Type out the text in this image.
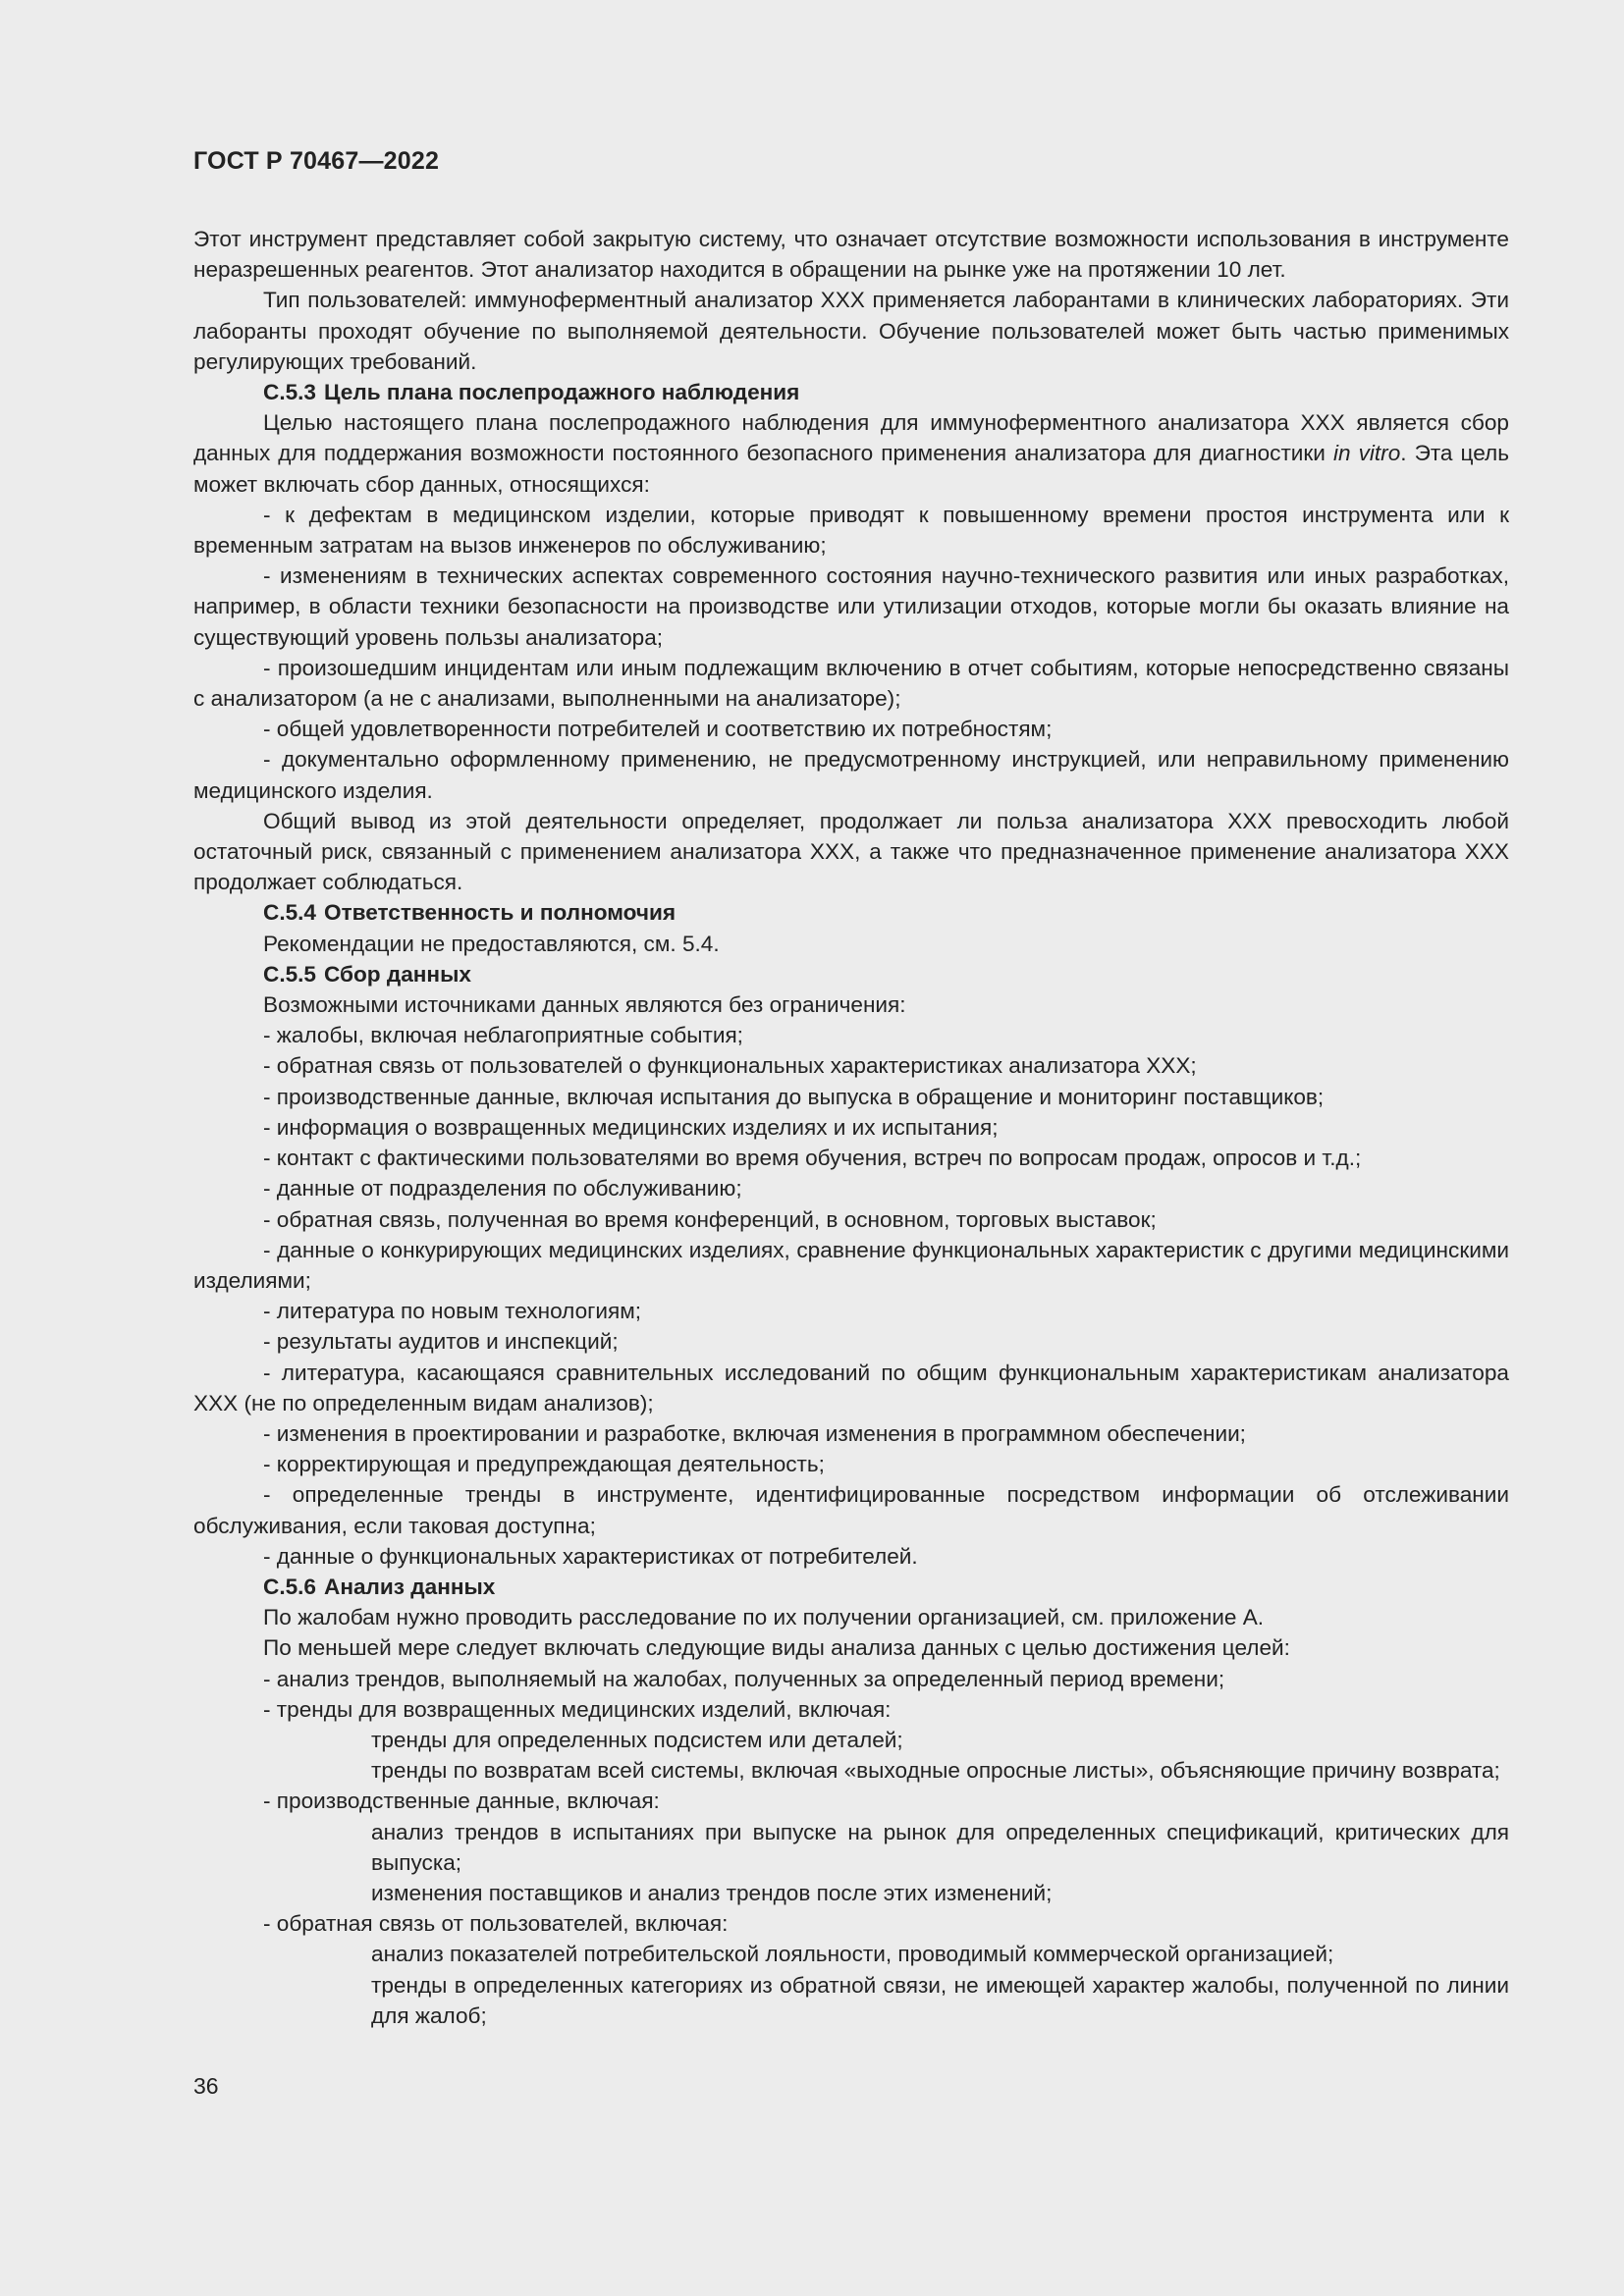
ГОСТ Р 70467—2022

Этот инструмент представляет собой закрытую систему, что означает отсутствие возможности использования в инструменте неразрешенных реагентов. Этот анализатор находится в обращении на рынке уже на протяжении 10 лет.

Тип пользователей: иммуноферментный анализатор XXX применяется лаборантами в клинических лабораториях. Эти лаборанты проходят обучение по выполняемой деятельности. Обучение пользователей может быть частью применимых регулирующих требований.

C.5.3 Цель плана послепродажного наблюдения

Целью настоящего плана послепродажного наблюдения для иммуноферментного анализатора XXX является сбор данных для поддержания возможности постоянного безопасного применения анализатора для диагностики in vitro. Эта цель может включать сбор данных, относящихся:

- к дефектам в медицинском изделии, которые приводят к повышенному времени простоя инструмента или к временным затратам на вызов инженеров по обслуживанию;

- изменениям в технических аспектах современного состояния научно-технического развития или иных разработках, например, в области техники безопасности на производстве или утилизации отходов, которые могли бы оказать влияние на существующий уровень пользы анализатора;

- произошедшим инцидентам или иным подлежащим включению в отчет событиям, которые непосредственно связаны с анализатором (а не с анализами, выполненными на анализаторе);

- общей удовлетворенности потребителей и соответствию их потребностям;

- документально оформленному применению, не предусмотренному инструкцией, или неправильному применению медицинского изделия.

Общий вывод из этой деятельности определяет, продолжает ли польза анализатора XXX превосходить любой остаточный риск, связанный с применением анализатора XXX, а также что предназначенное применение анализатора XXX продолжает соблюдаться.

C.5.4 Ответственность и полномочия

Рекомендации не предоставляются, см. 5.4.

C.5.5 Сбор данных

Возможными источниками данных являются без ограничения:

- жалобы, включая неблагоприятные события;

- обратная связь от пользователей о функциональных характеристиках анализатора XXX;

- производственные данные, включая испытания до выпуска в обращение и мониторинг поставщиков;

- информация о возвращенных медицинских изделиях и их испытания;

- контакт с фактическими пользователями во время обучения, встреч по вопросам продаж, опросов и т.д.;

- данные от подразделения по обслуживанию;

- обратная связь, полученная во время конференций, в основном, торговых выставок;

- данные о конкурирующих медицинских изделиях, сравнение функциональных характеристик с другими медицинскими изделиями;

- литература по новым технологиям;

- результаты аудитов и инспекций;

- литература, касающаяся сравнительных исследований по общим функциональным характеристикам анализатора XXX (не по определенным видам анализов);

- изменения в проектировании и разработке, включая изменения в программном обеспечении;

- корректирующая и предупреждающая деятельность;

- определенные тренды в инструменте, идентифицированные посредством информации об отслеживании обслуживания, если таковая доступна;

- данные о функциональных характеристиках от потребителей.

C.5.6 Анализ данных

По жалобам нужно проводить расследование по их получении организацией, см. приложение А.

По меньшей мере следует включать следующие виды анализа данных с целью достижения целей:

- анализ трендов, выполняемый на жалобах, полученных за определенный период времени;

- тренды для возвращенных медицинских изделий, включая:

тренды для определенных подсистем или деталей;

тренды по возвратам всей системы, включая «выходные опросные листы», объясняющие причину возврата;

- производственные данные, включая:

анализ трендов в испытаниях при выпуске на рынок для определенных спецификаций, критических для выпуска;

изменения поставщиков и анализ трендов после этих изменений;

- обратная связь от пользователей, включая:

анализ показателей потребительской лояльности, проводимый коммерческой организацией;

тренды в определенных категориях из обратной связи, не имеющей характер жалобы, полученной по линии для жалоб;

36
